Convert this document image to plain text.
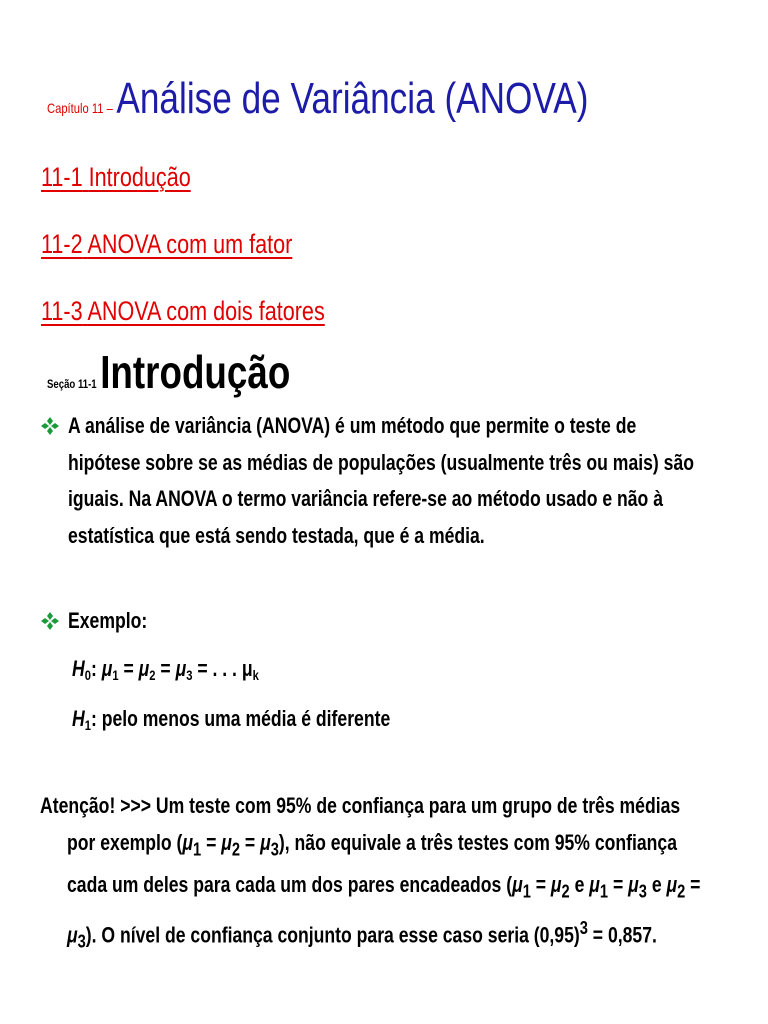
Capítulo 11 – Análise de Variância (ANOVA)
11-1 Introdução
11-2 ANOVA com um fator
11-3 ANOVA com dois fatores
Seção 11-1 Introdução
A análise de variância (ANOVA) é um método que permite o teste de
hipótese sobre se as médias de populações (usualmente três ou mais) são
iguais. Na ANOVA o termo variância refere-se ao método usado e não à
estatística que está sendo testada, que é a média.
Exemplo:
$H_0$: $\mu_1 = \mu_2 = \mu_3$ = . . . $\mu_k$
$H_1$: pelo menos uma média é diferente
Atenção! >>> Um teste com 95% de confiança para um grupo de três médias
por exemplo $(\mu_1 = \mu_2 = \mu_3)$, não equivale a três testes com 95% confiança
cada um deles para cada um dos pares encadeados ($\mu_1 = \mu_2$ e $\mu_1 = \mu_3$ e $\mu_2$ =
$\mu_3$). O nível de confiança conjunto para esse caso seria $(0,95)^3 = 0,857$.
